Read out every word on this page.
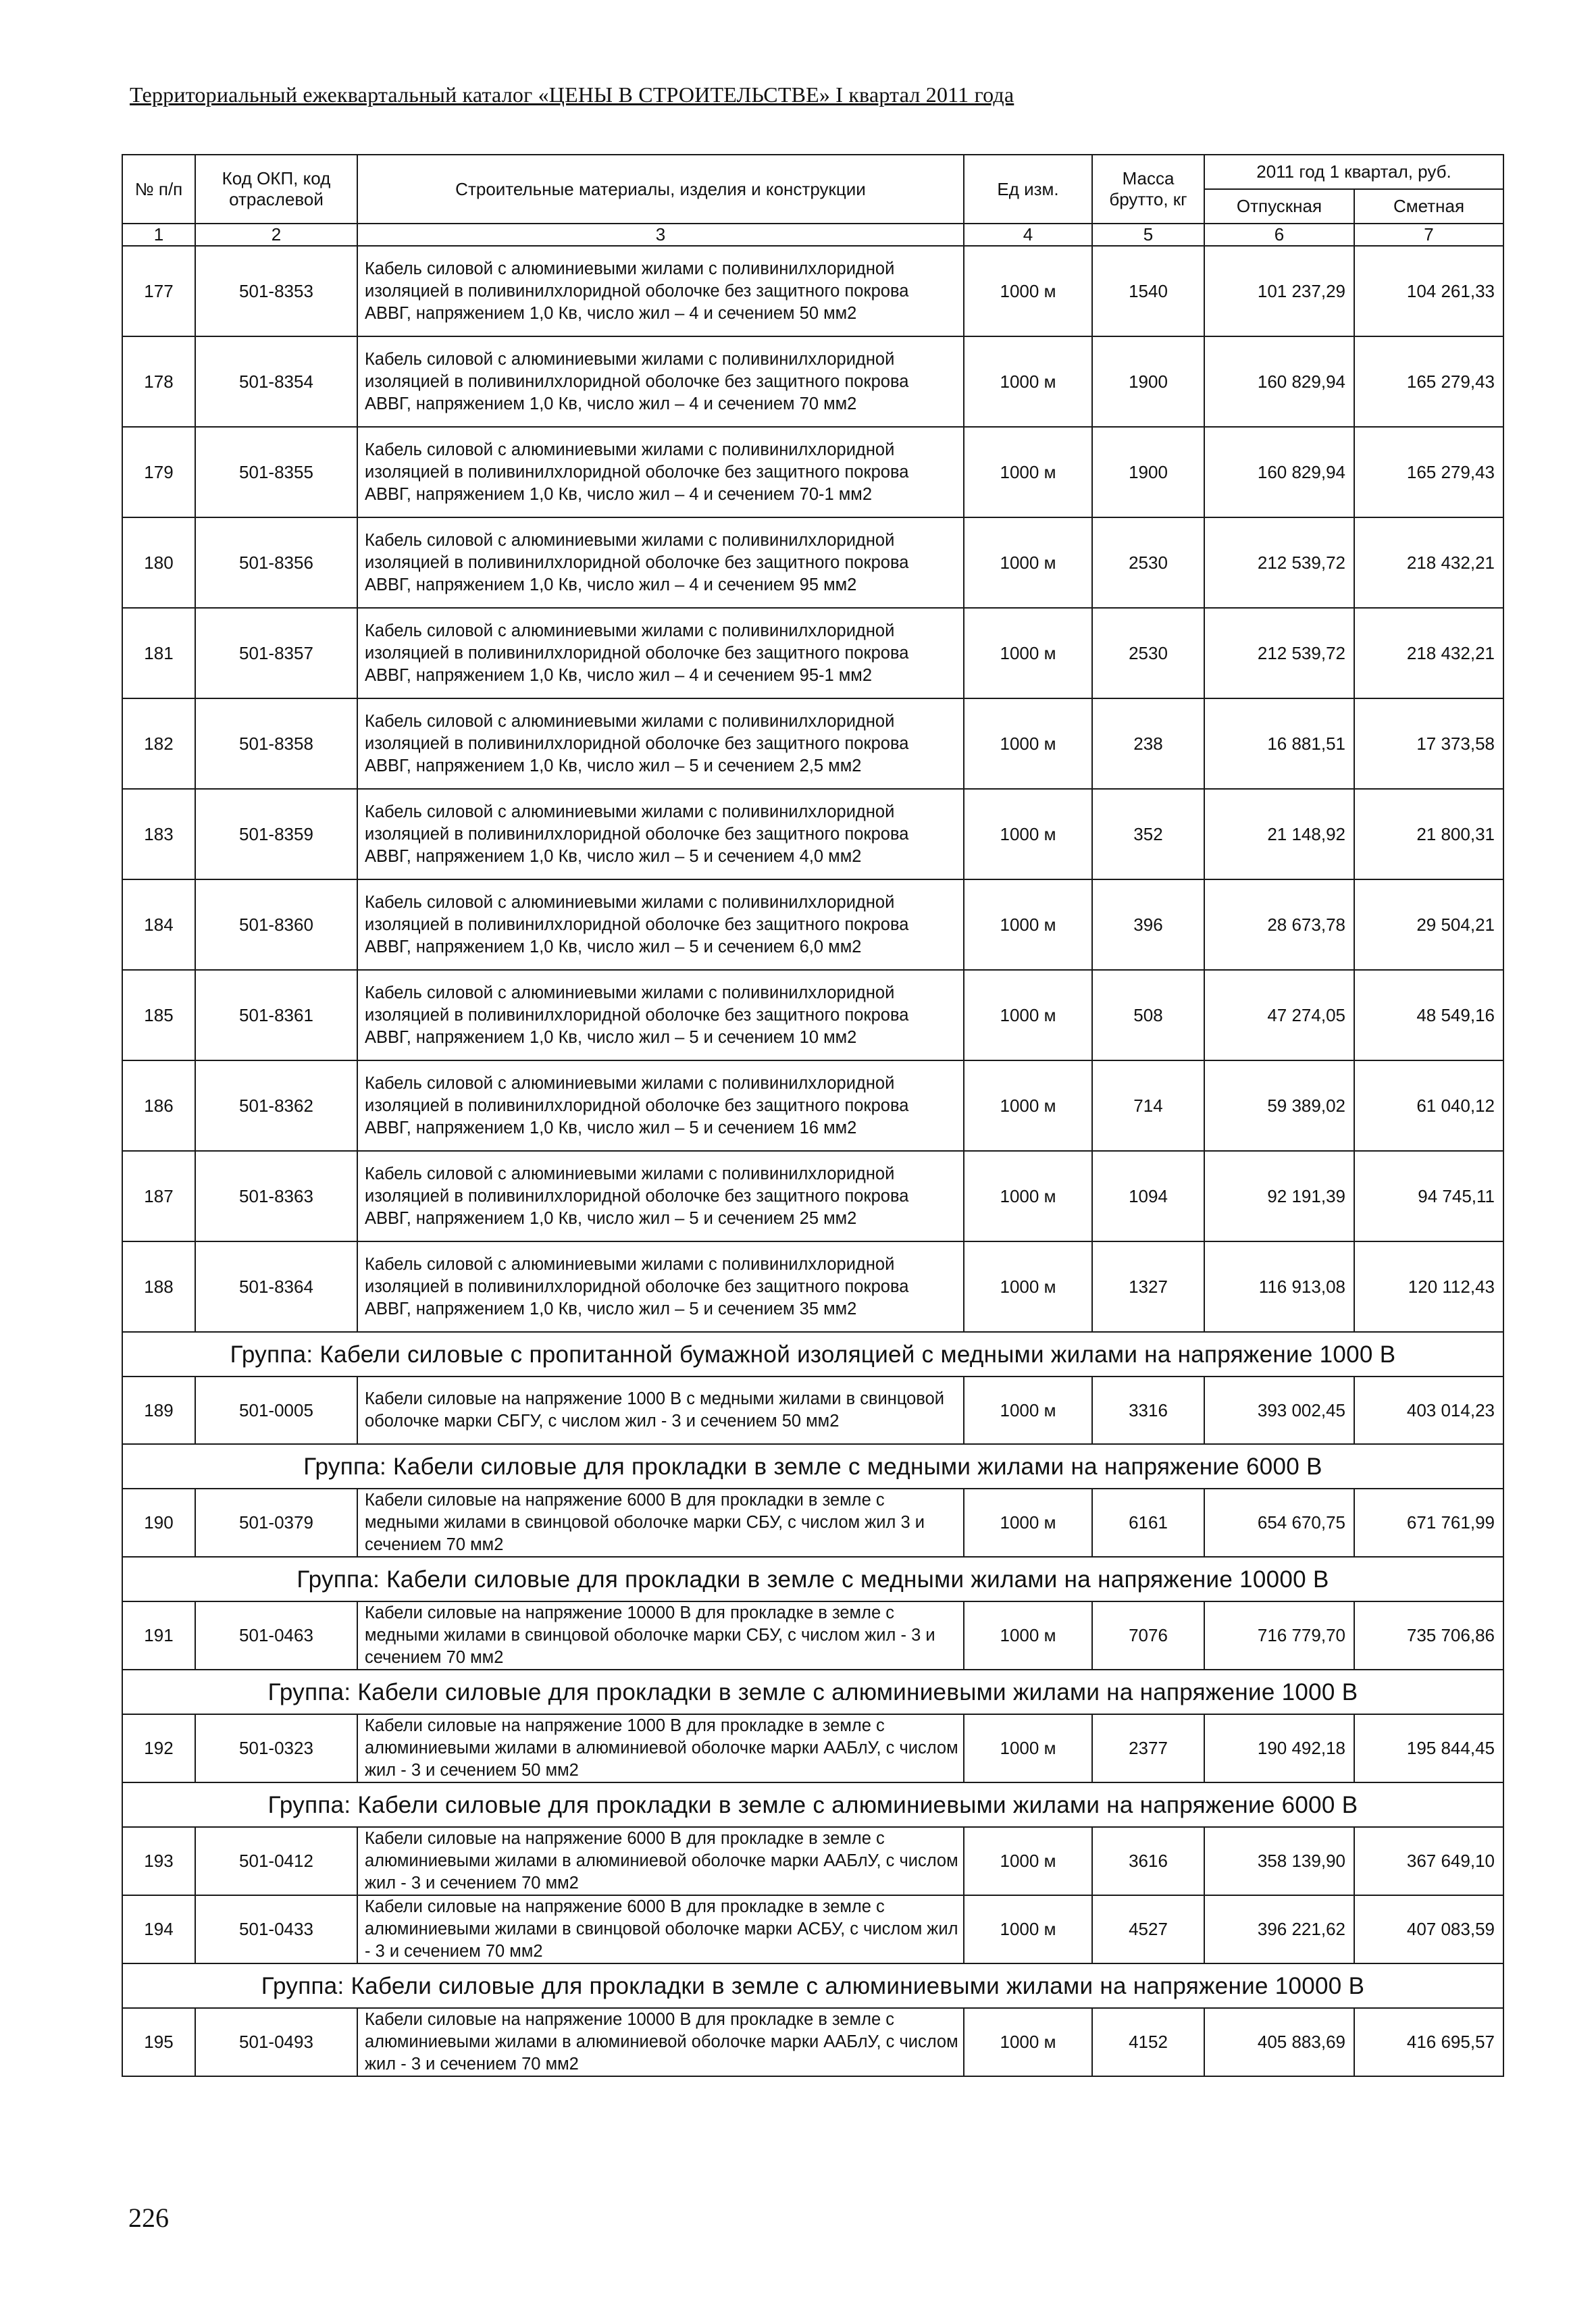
Территориальный ежеквартальный каталог «ЦЕНЫ В СТРОИТЕЛЬСТВЕ» I квартал 2011 года
№ п/п	Код ОКП, код отраслевой	Строительные материалы, изделия и конструкции	Ед изм.	Масса брутто, кг	2011 год 1 квартал, руб.	
					Отпускная	Сметная
1	2	3	4	5	6	7
177	501-8353	Кабель силовой с алюминиевыми жилами с поливинилхлоридной изоляцией в поливинилхлоридной оболочке без защитного покрова АВВГ, напряжением 1,0 Кв, число жил – 4 и сечением 50 мм2	1000 м	1540	101 237,29	104 261,33
178	501-8354	Кабель силовой с алюминиевыми жилами с поливинилхлоридной изоляцией в поливинилхлоридной оболочке без защитного покрова АВВГ, напряжением 1,0 Кв, число жил – 4 и сечением 70 мм2	1000 м	1900	160 829,94	165 279,43
179	501-8355	Кабель силовой с алюминиевыми жилами с поливинилхлоридной изоляцией в поливинилхлоридной оболочке без защитного покрова АВВГ, напряжением 1,0 Кв, число жил – 4 и сечением 70-1 мм2	1000 м	1900	160 829,94	165 279,43
180	501-8356	Кабель силовой с алюминиевыми жилами с поливинилхлоридной изоляцией в поливинилхлоридной оболочке без защитного покрова АВВГ, напряжением 1,0 Кв, число жил – 4 и сечением 95 мм2	1000 м	2530	212 539,72	218 432,21
181	501-8357	Кабель силовой с алюминиевыми жилами с поливинилхлоридной изоляцией в поливинилхлоридной оболочке без защитного покрова АВВГ, напряжением 1,0 Кв, число жил – 4 и сечением 95-1 мм2	1000 м	2530	212 539,72	218 432,21
182	501-8358	Кабель силовой с алюминиевыми жилами с поливинилхлоридной изоляцией в поливинилхлоридной оболочке без защитного покрова АВВГ, напряжением 1,0 Кв, число жил – 5 и сечением 2,5 мм2	1000 м	238	16 881,51	17 373,58
183	501-8359	Кабель силовой с алюминиевыми жилами с поливинилхлоридной изоляцией в поливинилхлоридной оболочке без защитного покрова АВВГ, напряжением 1,0 Кв, число жил – 5 и сечением 4,0 мм2	1000 м	352	21 148,92	21 800,31
184	501-8360	Кабель силовой с алюминиевыми жилами с поливинилхлоридной изоляцией в поливинилхлоридной оболочке без защитного покрова АВВГ, напряжением 1,0 Кв, число жил – 5 и сечением 6,0 мм2	1000 м	396	28 673,78	29 504,21
185	501-8361	Кабель силовой с алюминиевыми жилами с поливинилхлоридной изоляцией в поливинилхлоридной оболочке без защитного покрова АВВГ, напряжением 1,0 Кв, число жил – 5 и сечением 10 мм2	1000 м	508	47 274,05	48 549,16
186	501-8362	Кабель силовой с алюминиевыми жилами с поливинилхлоридной изоляцией в поливинилхлоридной оболочке без защитного покрова АВВГ, напряжением 1,0 Кв, число жил – 5 и сечением 16 мм2	1000 м	714	59 389,02	61 040,12
187	501-8363	Кабель силовой с алюминиевыми жилами с поливинилхлоридной изоляцией в поливинилхлоридной оболочке без защитного покрова АВВГ, напряжением 1,0 Кв, число жил – 5 и сечением 25 мм2	1000 м	1094	92 191,39	94 745,11
188	501-8364	Кабель силовой с алюминиевыми жилами с поливинилхлоридной изоляцией в поливинилхлоридной оболочке без защитного покрова АВВГ, напряжением 1,0 Кв, число жил – 5 и сечением 35 мм2	1000 м	1327	116 913,08	120 112,43
Группа: Кабели силовые с пропитанной бумажной изоляцией с медными жилами на напряжение 1000 В						
189	501-0005	Кабели силовые на напряжение 1000 В с медными жилами в свинцовой оболочке марки СБГУ, с числом жил - 3 и сечением 50 мм2	1000 м	3316	393 002,45	403 014,23
Группа: Кабели силовые для прокладки в земле с медными жилами на напряжение 6000 В						
190	501-0379	Кабели силовые на напряжение 6000 В для прокладки в земле с медными жилами в свинцовой оболочке марки СБУ, с числом жил 3 и сечением 70 мм2	1000 м	6161	654 670,75	671 761,99
Группа: Кабели силовые для прокладки в земле с медными жилами на напряжение 10000 В						
191	501-0463	Кабели силовые на напряжение 10000 В для прокладке в земле с медными жилами в свинцовой оболочке марки СБУ, с числом жил - 3 и сечением 70 мм2	1000 м	7076	716 779,70	735 706,86
Группа: Кабели силовые для прокладки в земле с алюминиевыми жилами на напряжение 1000 В						
192	501-0323	Кабели силовые на напряжение 1000 В для прокладке в земле с алюминиевыми жилами в алюминиевой оболочке марки ААБлУ, с числом жил - 3 и сечением 50 мм2	1000 м	2377	190 492,18	195 844,45
Группа: Кабели силовые для прокладки в земле с алюминиевыми жилами на напряжение 6000 В						
193	501-0412	Кабели силовые на напряжение 6000 В для прокладке в земле с алюминиевыми жилами в алюминиевой оболочке марки ААБлУ, с числом жил - 3 и сечением 70 мм2	1000 м	3616	358 139,90	367 649,10
194	501-0433	Кабели силовые на напряжение 6000 В для прокладке в земле с алюминиевыми жилами в свинцовой оболочке марки АСБУ, с числом жил - 3 и сечением 70 мм2	1000 м	4527	396 221,62	407 083,59
Группа: Кабели силовые для прокладки в земле с алюминиевыми жилами на напряжение 10000 В						
195	501-0493	Кабели силовые на напряжение 10000 В для прокладке в земле с алюминиевыми жилами в алюминиевой оболочке марки ААБлУ, с числом жил - 3 и сечением 70 мм2	1000 м	4152	405 883,69	416 695,57
226
